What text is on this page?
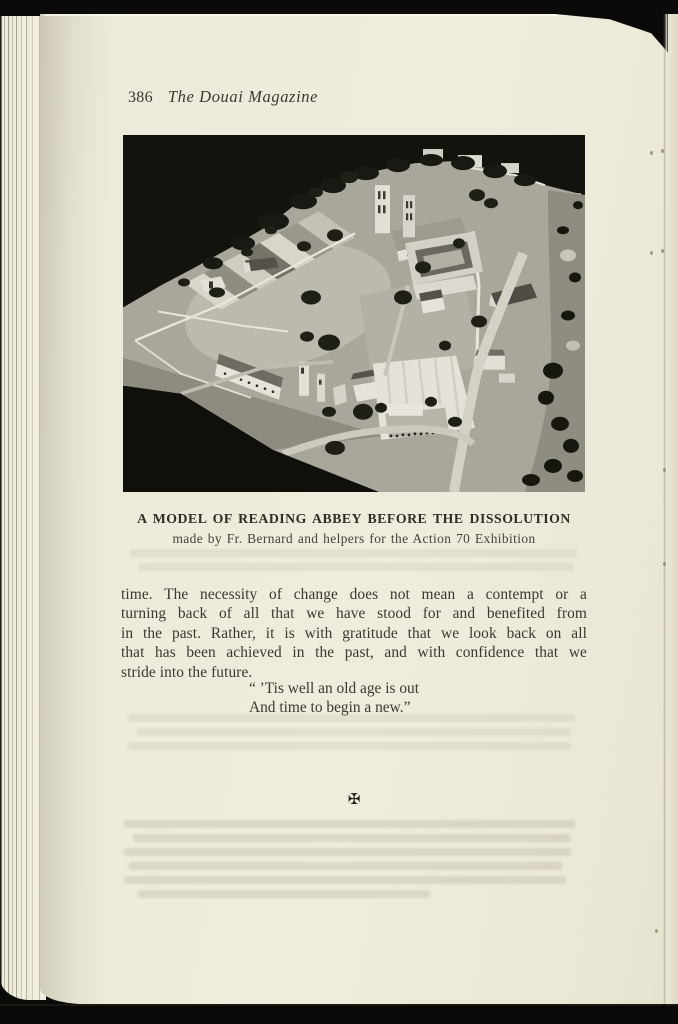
386 The Douai Magazine
A MODEL OF READING ABBEY BEFORE THE DISSOLUTION
made by Fr. Bernard and helpers for the Action 70 Exhibition
time. The necessity of change does not mean a contempt or a
turning back of all that we have stood for and benefited from
in the past. Rather, it is with gratitude that we look back on all
that has been achieved in the past, and with confidence that we
stride into the future.
“ ’Tis well an old age is out
And time to begin a new.”
✠
